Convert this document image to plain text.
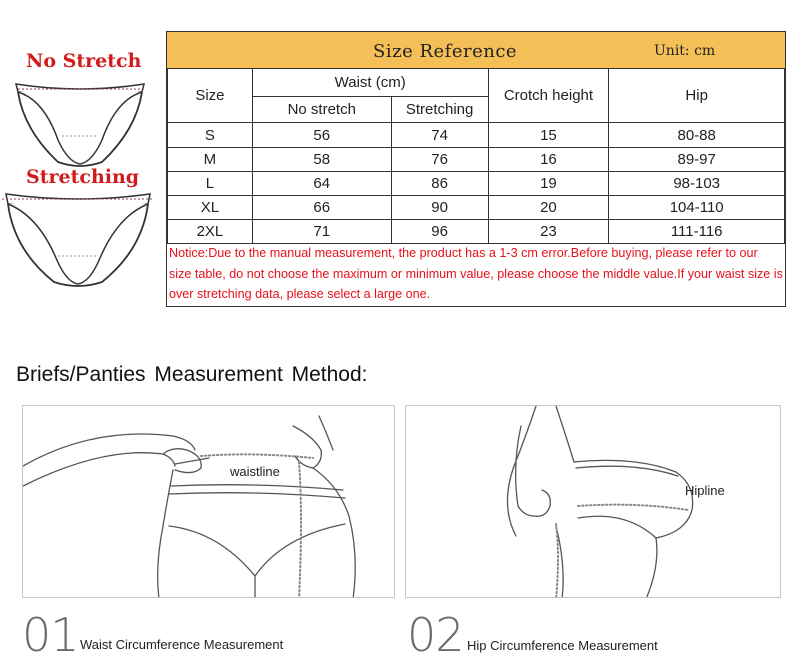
No Stretch
Stretching
Size Reference	Unit: cm
Size	Waist (cm)		Crotch height	Hip
	No stretch	Stretching		
S	56	74	15	80-88
M	58	76	16	89-97
L	64	86	19	98-103
XL	66	90	20	104-110
2XL	71	96	23	111-116
Notice:Due to the manual measurement, the product has a 1-3 cm error.Before buying, please refer to our size table, do not choose the maximum or minimum value, please choose the middle value.If your waist size is over stretching data, please select a large one.
Briefs/Panties Measurement Method:
waistline
Hipline
01 Waist Circumference Measurement	02 Hip Circumference Measurement
